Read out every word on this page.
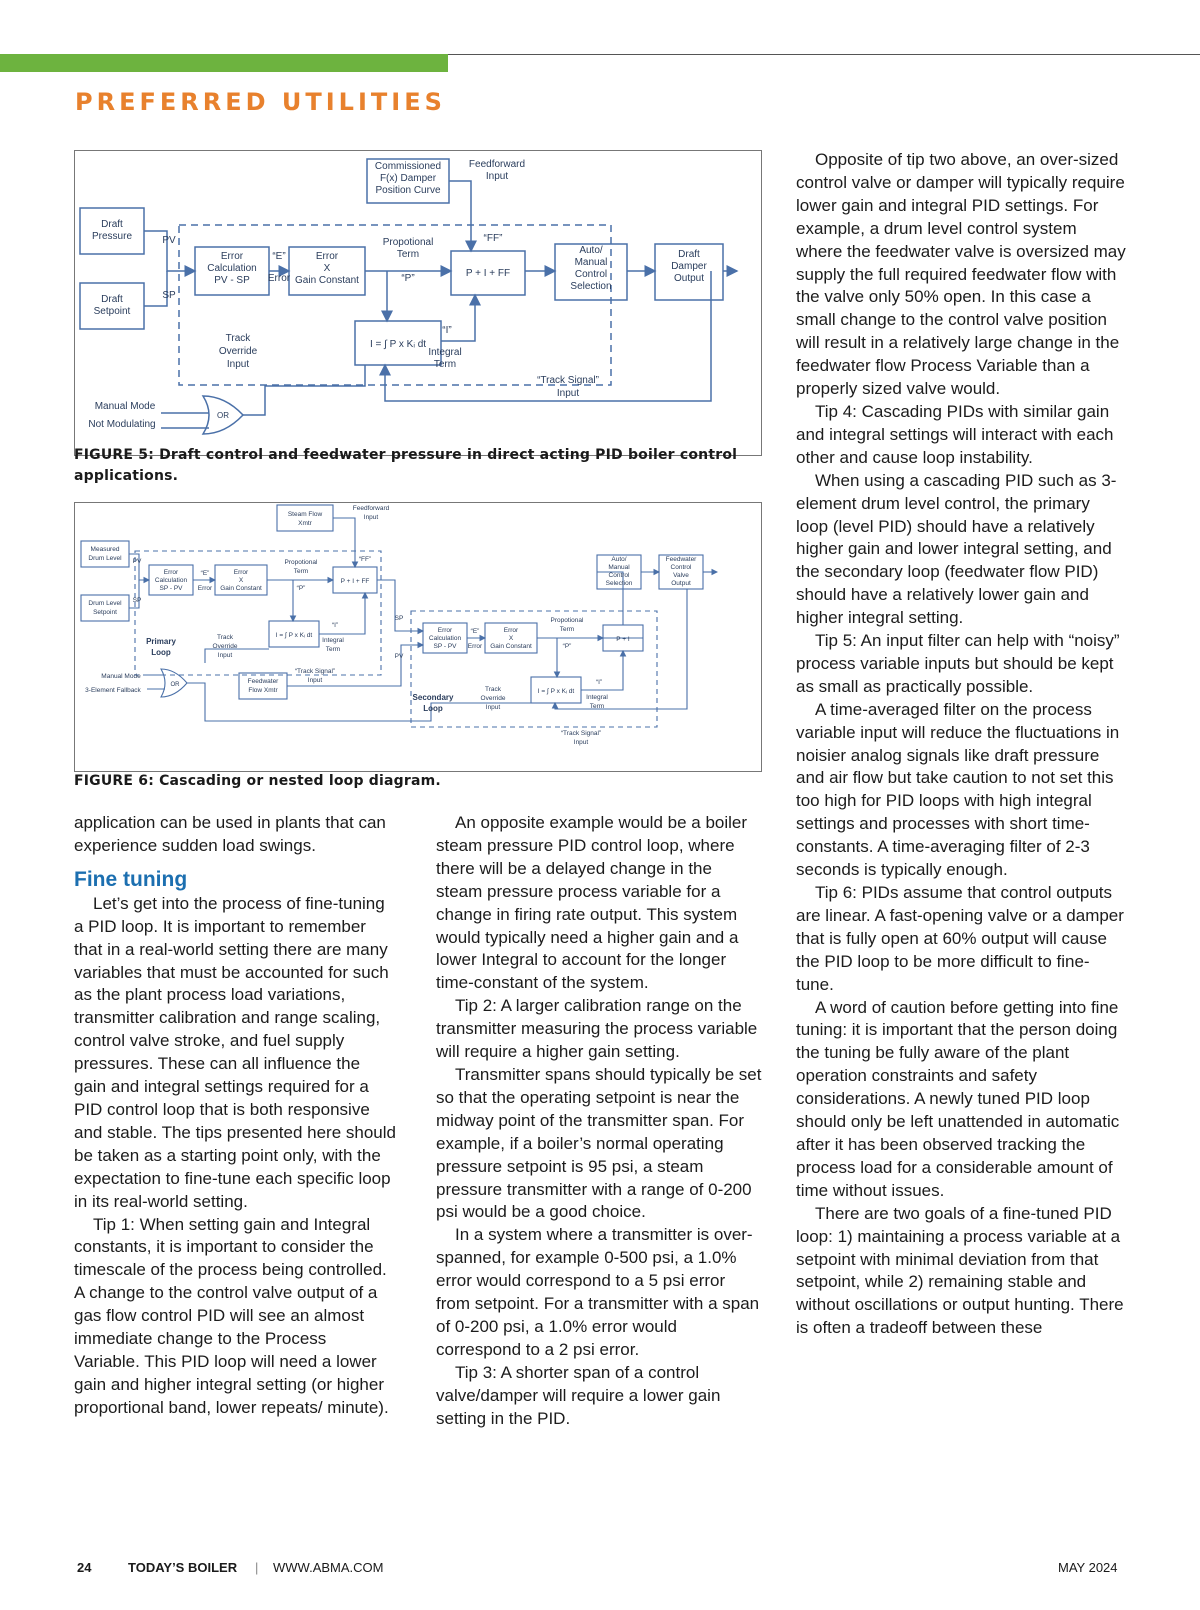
PREFERRED UTILITIES
Commissioned
F(x) Damper
Position Curve
Feedforward
Input
Draft
Pressure
Draft
Setpoint
PV
SP
Error
Calculation
PV - SP
“E”
Error
Error
X
Gain Constant
Propotional
Term
“P”
“FF”
P + I + FF
Auto/
Manual
Control
Selection
Draft
Damper
Output
I = ∫ P x Kᵢ dt
“I”
Integral
Term
Track
Override
Input
“Track Signal”
Input
Manual Mode
Not Modulating
OR
FIGURE 5: Draft control and feedwater pressure in direct acting PID boiler control applications.
Steam Flow
Xmtr
Feedforward
Input
Measured
Drum Level
Drum Level
Setpoint
PV
SP
Error
Calculation
SP - PV
“E”
Error
Error
X
Gain Constant
Propotional
Term
“P”
“FF”
P + I + FF
Auto/
Manual
Control
Selection
Feedwater
Control
Valve
Output
I = ∫ P x Kᵢ dt
“I”
Integral
Term
Primary
Loop
Track
Override
Input
“Track Signal”
Input
Feedwater
Flow Xmtr
Manual Mode
3-Element Fallback
OR
SP
PV
Error
Calculation
SP - PV
“E”
Error
Error
X
Gain Constant
Propotional
Term
“P”
P + I
I = ∫ P x Kᵢ dt
“I”
Integral
Term
Secondary
Loop
Track
Override
Input
“Track Signal”
Input
FIGURE 6: Cascading or nested loop diagram.

application can be used in plants that can experience sudden load swings.

Fine tuning

Let’s get into the process of fine-tuning a PID loop. It is important to remember that in a real-world setting there are many variables that must be accounted for such as the plant process load variations, transmitter calibration and range scaling, control valve stroke, and fuel supply pressures. These can all influence the gain and integral settings required for a PID control loop that is both responsive and stable. The tips presented here should be taken as a starting point only, with the expectation to fine-tune each specific loop in its real-world setting.

Tip 1: When setting gain and Integral constants, it is important to consider the timescale of the process being controlled. A change to the control valve output of a gas flow control PID will see an almost immediate change to the Process Variable. This PID loop will need a lower gain and higher integral setting (or higher proportional band, lower repeats/ minute).

An opposite example would be a boiler steam pressure PID control loop, where there will be a delayed change in the steam pressure process variable for a change in firing rate output. This system would typically need a higher gain and a lower Integral to account for the longer time-constant of the system.

Tip 2: A larger calibration range on the transmitter measuring the process variable will require a higher gain setting.

Transmitter spans should typically be set so that the operating setpoint is near the midway point of the transmitter span. For example, if a boiler’s normal operating pressure setpoint is 95 psi, a steam pressure transmitter with a range of 0-200 psi would be a good choice.

In a system where a transmitter is over-spanned, for example 0-500 psi, a 1.0% error would correspond to a 5 psi error from setpoint. For a transmitter with a span of 0-200 psi, a 1.0% error would correspond to a 2 psi error.

Tip 3: A shorter span of a control valve/damper will require a lower gain setting in the PID.

Opposite of tip two above, an over-sized control valve or damper will typically require lower gain and integral PID settings. For example, a drum level control system where the feedwater valve is oversized may supply the full required feedwater flow with the valve only 50% open. In this case a small change to the control valve position will result in a relatively large change in the feedwater flow Process Variable than a properly sized valve would.

Tip 4: Cascading PIDs with similar gain and integral settings will interact with each other and cause loop instability.

When using a cascading PID such as 3-element drum level control, the primary loop (level PID) should have a relatively higher gain and lower integral setting, and the secondary loop (feedwater flow PID) should have a relatively lower gain and higher integral setting.

Tip 5: An input filter can help with “noisy” process variable inputs but should be kept as small as practically possible.

A time-averaged filter on the process variable input will reduce the fluctuations in noisier analog signals like draft pressure and air flow but take caution to not set this too high for PID loops with high integral settings and processes with short time-constants. A time-averaging filter of 2-3 seconds is typically enough.

Tip 6: PIDs assume that control outputs are linear. A fast-opening valve or a damper that is fully open at 60% output will cause the PID loop to be more difficult to fine-tune.

A word of caution before getting into fine tuning: it is important that the person doing the tuning be fully aware of the plant operation constraints and safety considerations. A newly tuned PID loop should only be left unattended in automatic after it has been observed tracking the process load for a considerable amount of time without issues.

There are two goals of a fine-tuned PID loop: 1) maintaining a process variable at a setpoint with minimal deviation from that setpoint, while 2) remaining stable and without oscillations or output hunting. There is often a tradeoff between these

24	TODAY’S BOILER | WWW.ABMA.COM	MAY 2024
